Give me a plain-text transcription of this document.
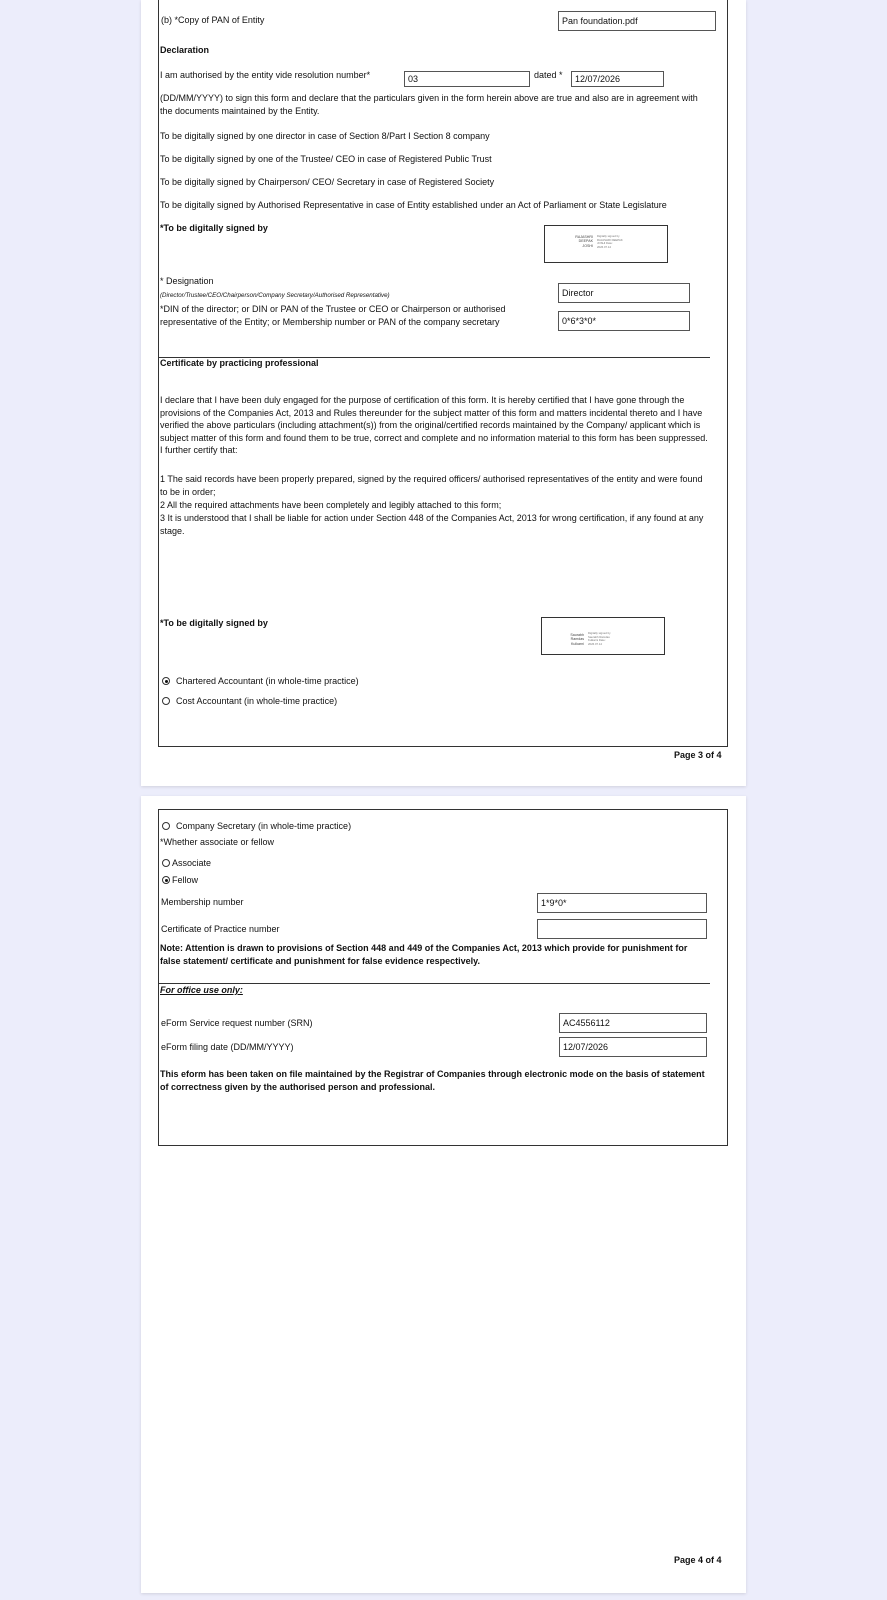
(b) *Copy of PAN of Entity	Pan foundation.pdf
Declaration
I am authorised by the entity vide resolution number*	03	dated *	12/07/2026
(DD/MM/YYYY) to sign this form and declare that the particulars given in the form herein above are true and also are in agreement with the documents maintained by the Entity.
To be digitally signed by one director in case of Section 8/Part I Section 8 company
To be digitally signed by one of the Trustee/ CEO in case of Registered Public Trust
To be digitally signed by Chairperson/ CEO/ Secretary in case of Registered Society
To be digitally signed by Authorised Representative in case of Entity established under an Act of Parliament or State Legislature
*To be digitally signed by
RAJASHRI
DEEPAK
JOSHI
Digitally signed by RAJASHRI DEEPAK JOSHI Date: 2026.07.12
* Designation
(Director/Trustee/CEO/Chairperson/Company Secretary/Authorised Representative)	Director
*DIN of the director; or DIN or PAN of the Trustee or CEO or Chairperson or authorised representative of the Entity; or Membership number or PAN of the company secretary	0*6*3*0*
Certificate by practicing professional
I declare that I have been duly engaged for the purpose of certification of this form. It is hereby certified that I have gone through the provisions of the Companies Act, 2013 and Rules thereunder for the subject matter of this form and matters incidental thereto and I have verified the above particulars (including attachment(s)) from the original/certified records maintained by the Company/ applicant which is subject matter of this form and found them to be true, correct and complete and no information material to this form has been suppressed. I further certify that:
1 The said records have been properly prepared, signed by the required officers/ authorised representatives of the entity and were found to be in order;
2 All the required attachments have been completely and legibly attached to this form;
3 It is understood that I shall be liable for action under Section 448 of the Companies Act, 2013 for wrong certification, if any found at any stage.
*To be digitally signed by
Saurabh
Ramdas
Kulkarni
Digitally signed by Saurabh Ramdas Kulkarni Date: 2026.07.12
Chartered Accountant (in whole-time practice)
Cost Accountant (in whole-time practice)
Page 3 of 4
Company Secretary (in whole-time practice)
*Whether associate or fellow
Associate
Fellow
Membership number	1*9*0*
Certificate of Practice number
Note: Attention is drawn to provisions of Section 448 and 449 of the Companies Act, 2013 which provide for punishment for false statement/ certificate and punishment for false evidence respectively.
For office use only:
eForm Service request number (SRN)	AC4556112
eForm filing date (DD/MM/YYYY)	12/07/2026
This eform has been taken on file maintained by the Registrar of Companies through electronic mode on the basis of statement of correctness given by the authorised person and professional.
Page 4 of 4
